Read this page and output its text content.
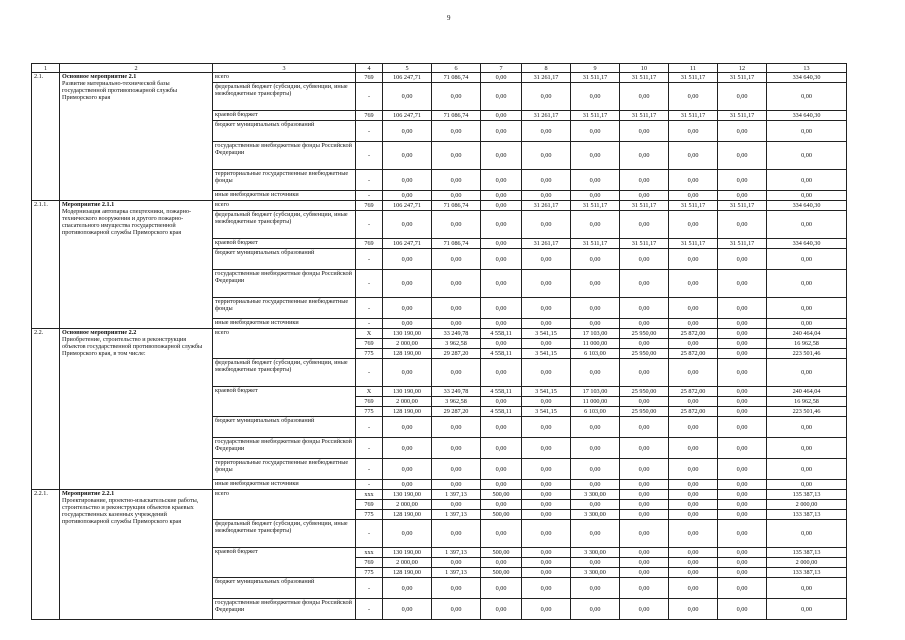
9
1	2	3	4	5	6	7	8	9	10	11	12	13
2.1.	Основное мероприятие 2.1
Развитие материально-технической базы государственной противопожарной службы Приморского края	всего	769	106 247,71	71 086,74	0,00	31 261,17	31 511,17	31 511,17	31 511,17	31 511,17	334 640,30
		федеральный бюджет (субсидии, субвенции, иные межбюджетные трансферты)	-	0,00	0,00	0,00	0,00	0,00	0,00	0,00	0,00	0,00
		краевой бюджет	769	106 247,71	71 086,74	0,00	31 261,17	31 511,17	31 511,17	31 511,17	31 511,17	334 640,30
		бюджет муниципальных образований	-	0,00	0,00	0,00	0,00	0,00	0,00	0,00	0,00	0,00
		государственные внебюджетные фонды Российской Федерации	-	0,00	0,00	0,00	0,00	0,00	0,00	0,00	0,00	0,00
		территориальные государственные внебюджетные фонды	-	0,00	0,00	0,00	0,00	0,00	0,00	0,00	0,00	0,00
		иные внебюджетные источники	-	0,00	0,00	0,00	0,00	0,00	0,00	0,00	0,00	0,00
2.1.1.	Мероприятие 2.1.1
Модернизация автопарка спецтехники, пожарно-технического вооружения и другого пожарно-спасательного имущества государственной противопожарной службы Приморского края	всего	769	106 247,71	71 086,74	0,00	31 261,17	31 511,17	31 511,17	31 511,17	31 511,17	334 640,30
		федеральный бюджет (субсидии, субвенции, иные межбюджетные трансферты)	-	0,00	0,00	0,00	0,00	0,00	0,00	0,00	0,00	0,00
		краевой бюджет	769	106 247,71	71 086,74	0,00	31 261,17	31 511,17	31 511,17	31 511,17	31 511,17	334 640,30
		бюджет муниципальных образований	-	0,00	0,00	0,00	0,00	0,00	0,00	0,00	0,00	0,00
		государственные внебюджетные фонды Российской Федерации	-	0,00	0,00	0,00	0,00	0,00	0,00	0,00	0,00	0,00
		территориальные государственные внебюджетные фонды	-	0,00	0,00	0,00	0,00	0,00	0,00	0,00	0,00	0,00
		иные внебюджетные источники	-	0,00	0,00	0,00	0,00	0,00	0,00	0,00	0,00	0,00
2.2.	Основное мероприятие 2.2
Приобретение, строительство и реконструкция объектов государственной противопожарной службы Приморского края, в том числе:	всего	X	130 190,00	33 249,78	4 558,11	3 541,15	17 103,00	25 950,00	25 872,00	0,00	240 464,04
			769	2 000,00	3 962,58	0,00	0,00	11 000,00	0,00	0,00	0,00	16 962,58
			775	128 190,00	29 287,20	4 558,11	3 541,15	6 103,00	25 950,00	25 872,00	0,00	223 501,46
		федеральный бюджет (субсидии, субвенции, иные межбюджетные трансферты)	-	0,00	0,00	0,00	0,00	0,00	0,00	0,00	0,00	0,00
		краевой бюджет	X	130 190,00	33 249,78	4 558,11	3 541,15	17 103,00	25 950,00	25 872,00	0,00	240 464,04
			769	2 000,00	3 962,58	0,00	0,00	11 000,00	0,00	0,00	0,00	16 962,58
			775	128 190,00	29 287,20	4 558,11	3 541,15	6 103,00	25 950,00	25 872,00	0,00	223 501,46
		бюджет муниципальных образований	-	0,00	0,00	0,00	0,00	0,00	0,00	0,00	0,00	0,00
		государственные внебюджетные фонды Российской Федерации	-	0,00	0,00	0,00	0,00	0,00	0,00	0,00	0,00	0,00
		территориальные государственные внебюджетные фонды	-	0,00	0,00	0,00	0,00	0,00	0,00	0,00	0,00	0,00
		иные внебюджетные источники	-	0,00	0,00	0,00	0,00	0,00	0,00	0,00	0,00	0,00
2.2.1.	Мероприятие 2.2.1
Проектирование, проектно-изыскательские работы, строительство и реконструкция объектов краевых государственных казенных учреждений противопожарной службы Приморского края	всего	xxx	130 190,00	1 397,13	500,00	0,00	3 300,00	0,00	0,00	0,00	135 387,13
			769	2 000,00	0,00	0,00	0,00	0,00	0,00	0,00	0,00	2 000,00
			775	128 190,00	1 397,13	500,00	0,00	3 300,00	0,00	0,00	0,00	133 387,13
		федеральный бюджет (субсидии, субвенции, иные межбюджетные трансферты)	-	0,00	0,00	0,00	0,00	0,00	0,00	0,00	0,00	0,00
		краевой бюджет	xxx	130 190,00	1 397,13	500,00	0,00	3 300,00	0,00	0,00	0,00	135 387,13
			769	2 000,00	0,00	0,00	0,00	0,00	0,00	0,00	0,00	2 000,00
			775	128 190,00	1 397,13	500,00	0,00	3 300,00	0,00	0,00	0,00	133 387,13
		бюджет муниципальных образований	-	0,00	0,00	0,00	0,00	0,00	0,00	0,00	0,00	0,00
		государственные внебюджетные фонды Российской Федерации	-	0,00	0,00	0,00	0,00	0,00	0,00	0,00	0,00	0,00
